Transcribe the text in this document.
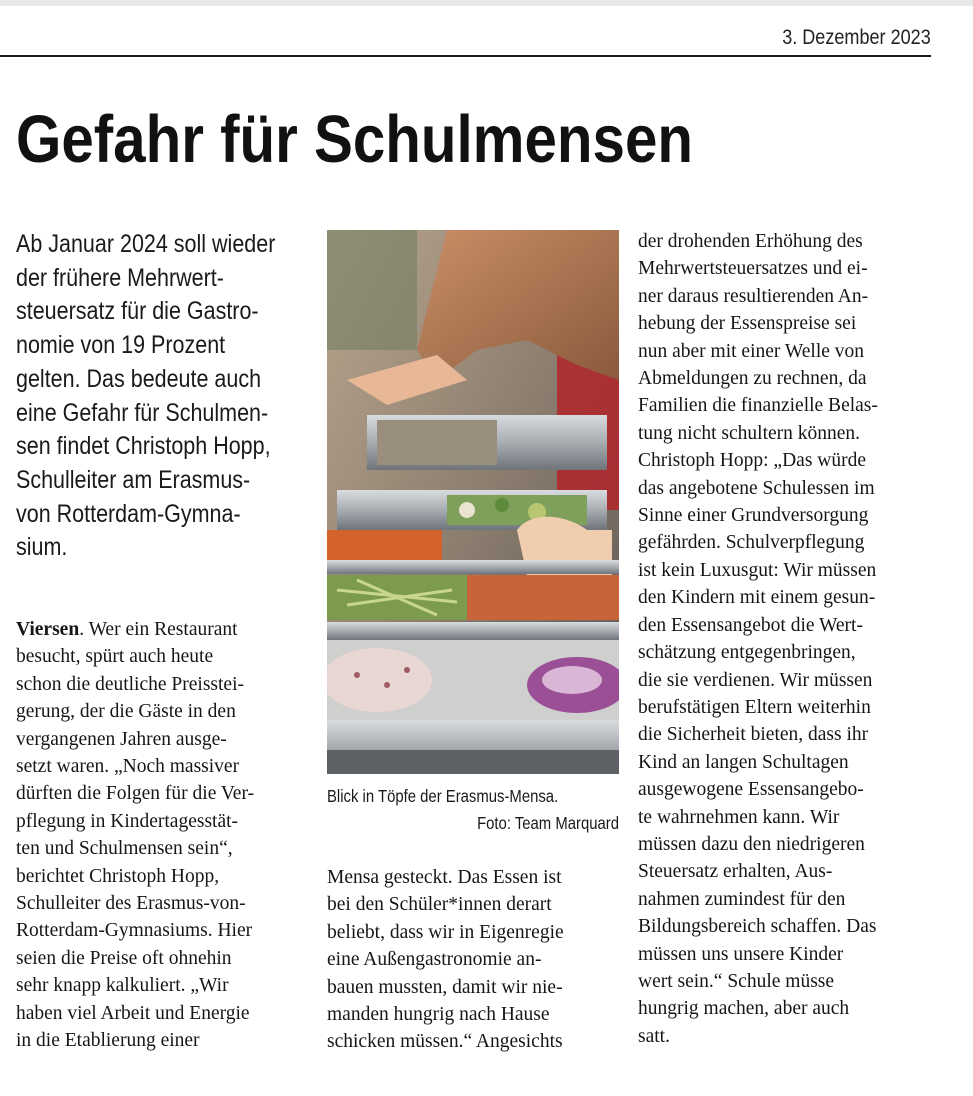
3. Dezember 2023
Gefahr für Schulmensen
Ab Januar 2024 soll wieder
der frühere Mehrwert-
steuersatz für die Gastro-
nomie von 19 Prozent
gelten. Das bedeute auch
eine Gefahr für Schulmen-
sen findet Christoph Hopp,
Schulleiter am Erasmus-
von Rotterdam-Gymna-
sium.
Viersen. Wer ein Restaurant
besucht, spürt auch heute
schon die deutliche Preisstei-
gerung, der die Gäste in den
vergangenen Jahren ausge-
setzt waren. „Noch massiver
dürften die Folgen für die Ver-
pflegung in Kindertagesstät-
ten und Schulmensen sein“,
berichtet Christoph Hopp,
Schulleiter des Erasmus-von-
Rotterdam-Gymnasiums. Hier
seien die Preise oft ohnehin
sehr knapp kalkuliert. „Wir
haben viel Arbeit und Energie
in die Etablierung einer
Blick in Töpfe der Erasmus-Mensa.
Foto: Team Marquard
Mensa gesteckt. Das Essen ist
bei den Schüler*innen derart
beliebt, dass wir in Eigenregie
eine Außengastronomie an-
bauen mussten, damit wir nie-
manden hungrig nach Hause
schicken müssen.“ Angesichts
der drohenden Erhöhung des
Mehrwertsteuersatzes und ei-
ner daraus resultierenden An-
hebung der Essenspreise sei
nun aber mit einer Welle von
Abmeldungen zu rechnen, da
Familien die finanzielle Belas-
tung nicht schultern können.
Christoph Hopp: „Das würde
das angebotene Schulessen im
Sinne einer Grundversorgung
gefährden. Schulverpflegung
ist kein Luxusgut: Wir müssen
den Kindern mit einem gesun-
den Essensangebot die Wert-
schätzung entgegenbringen,
die sie verdienen. Wir müssen
berufstätigen Eltern weiterhin
die Sicherheit bieten, dass ihr
Kind an langen Schultagen
ausgewogene Essensangebo-
te wahrnehmen kann. Wir
müssen dazu den niedrigeren
Steuersatz erhalten, Aus-
nahmen zumindest für den
Bildungsbereich schaffen. Das
müssen uns unsere Kinder
wert sein.“ Schule müsse
hungrig machen, aber auch
satt.
